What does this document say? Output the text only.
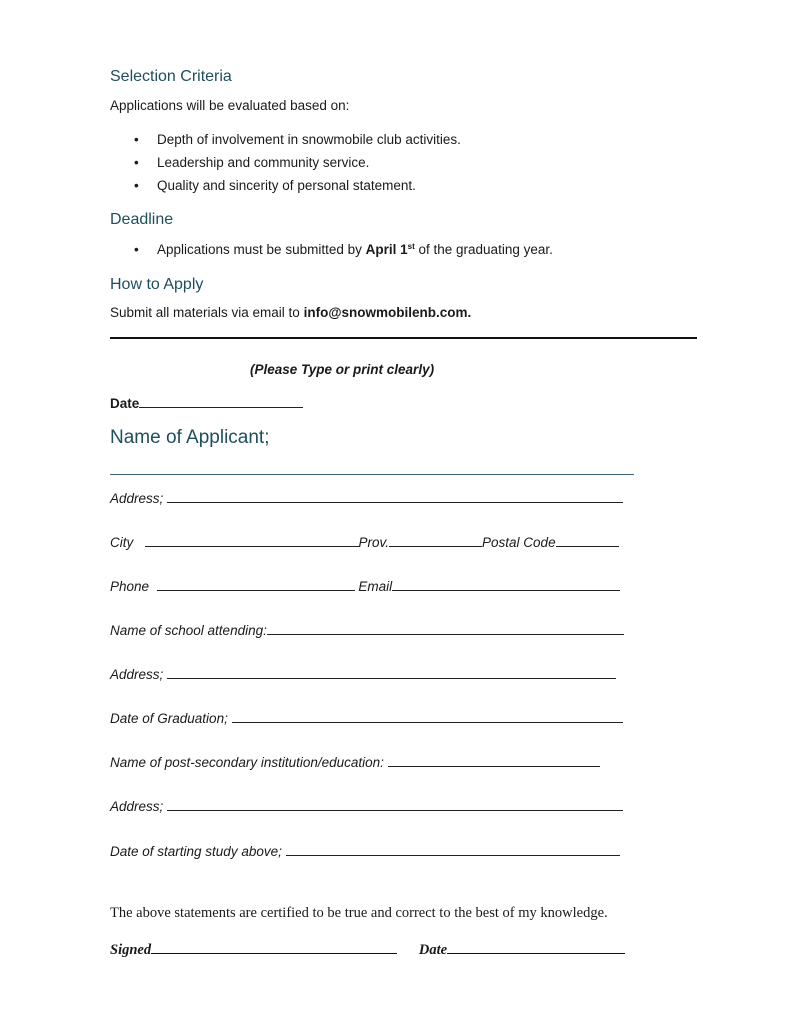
Selection Criteria
Applications will be evaluated based on:
• Depth of involvement in snowmobile club activities.
• Leadership and community service.
• Quality and sincerity of personal statement.
Deadline
• Applications must be submitted by April 1st of the graduating year.
How to Apply
Submit all materials via email to info@snowmobilenb.com.
(Please Type or print clearly)
Date
Name of Applicant;
Address;
City	Prov.	Postal Code
Phone	Email
Name of school attending:
Address;
Date of Graduation;
Name of post-secondary institution/education:
Address;
Date of starting study above;
The above statements are certified to be true and correct to the best of my knowledge.
Signed	Date
